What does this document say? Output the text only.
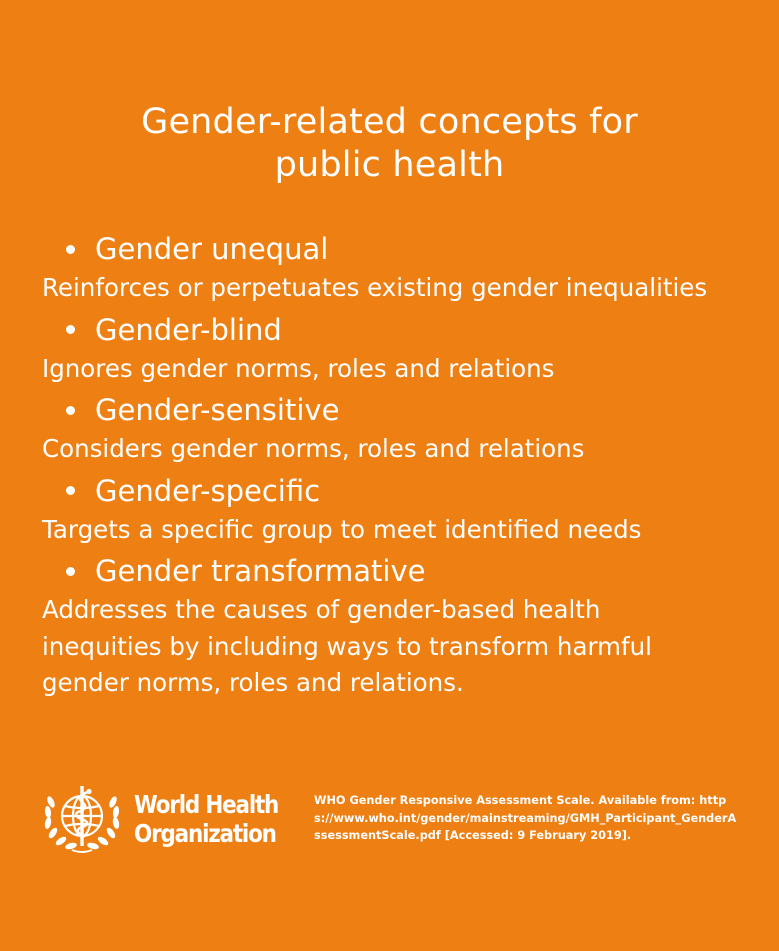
Gender-related concepts for
public health
Gender unequal

Reinforces or perpetuates existing gender inequalities

Gender-blind

Ignores gender norms, roles and relations

Gender-sensitive

Considers gender norms, roles and relations

Gender-specific

Targets a specific group to meet identified needs

Gender transformative

Addresses the causes of gender-based health inequities by including ways to transform harmful gender norms, roles and relations.

World Health
Organization
WHO Gender Responsive Assessment Scale. Available from: https://www.who.int/gender/mainstreaming/GMH_Participant_GenderAssessmentScale.pdf [Accessed: 9 February 2019].
